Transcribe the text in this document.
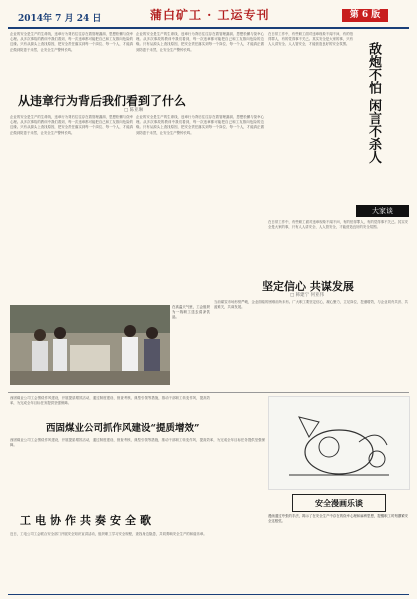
2014年 7 月 24 日	蒲白矿工 · 工运专刊	第 6 版
企业的安全是生产的生命线，违章行为背后往往存在着管理漏洞、思想松懈与侥幸心理。从多次事故的教训中我们看到，每一次违章都可能把自己和工友推向危险的边缘。只有从源头上查找原因，把安全责任落实到每一个岗位、每一个人，才能真正做到防患于未然，让安全生产警钟长鸣。
企业的安全是生产的生命线，违章行为背后往往存在着管理漏洞、思想松懈与侥幸心理。从多次事故的教训中我们看到，每一次违章都可能把自己和工友推向危险的边缘。只有从源头上查找原因，把安全责任落实到每一个岗位、每一个人，才能真正做到防患于未然，让安全生产警钟长鸣。
从违章行为背后我们看到了什么
□ 陈亚琳
企业的安全是生产的生命线，违章行为背后往往存在着管理漏洞、思想松懈与侥幸心理。从多次事故的教训中我们看到，每一次违章都可能把自己和工友推向危险的边缘。只有从源头上查找原因，把安全责任落实到每一个岗位、每一个人，才能真正做到防患于未然，让安全生产警钟长鸣。
企业的安全是生产的生命线，违章行为背后往往存在着管理漏洞、思想松懈与侥幸心理。从多次事故的教训中我们看到，每一次违章都可能把自己和工友推向危险的边缘。只有从源头上查找原因，把安全责任落实到每一个岗位、每一个人，才能真正做到防患于未然，让安全生产警钟长鸣。
在日常工作中，有些职工面对违章现象不闻不问，有的怕得罪人，有的觉得事不关己。其实安全是大家的事，只有人人讲安全、人人管安全，才能营造良好的安全氛围。 敌炮不怕 闲言不杀人
大家谈
在日常工作中，有些职工面对违章现象不闻不问，有的怕得罪人，有的觉得事不关己。其实安全是大家的事，只有人人讲安全、人人管安全，才能营造良好的安全氛围。
在高温天气里，工会组织为一线职工送去清凉饮品。
坚定信心 共谋发展
□ 韩建宁 何亚伟
当前煤炭市场形势严峻，企业面临的困难前所未有。广大职工要坚定信心，凝心聚力，立足岗位，挖潜增效，与企业同舟共济、共渡难关，共谋发展。
西固煤业公司工会围绕作风建设，开展提质增效活动，通过制度建设、督查考核、典型引领等措施，推动干部职工转变作风，提高效率，为完成全年目标任务提供坚强保障。
西固煤业公司抓作风建设“提质增效”
西固煤业公司工会围绕作风建设，开展提质增效活动，通过制度建设、督查考核、典型引领等措施，推动干部职工转变作风，提高效率，为完成全年目标任务提供坚强保障。
安全漫画乐谈
漫画通过夸张的手法，揭示了在安全生产中存在的侥幸心理和麻痹思想，提醒职工时刻绷紧安全这根弦。
工电协作共奏安全歌
近日，工电公司工会联合安全部门开展安全知识宣讲活动，组织职工学习安全规程，查找身边隐患，共同奏响安全生产的和谐乐章。
